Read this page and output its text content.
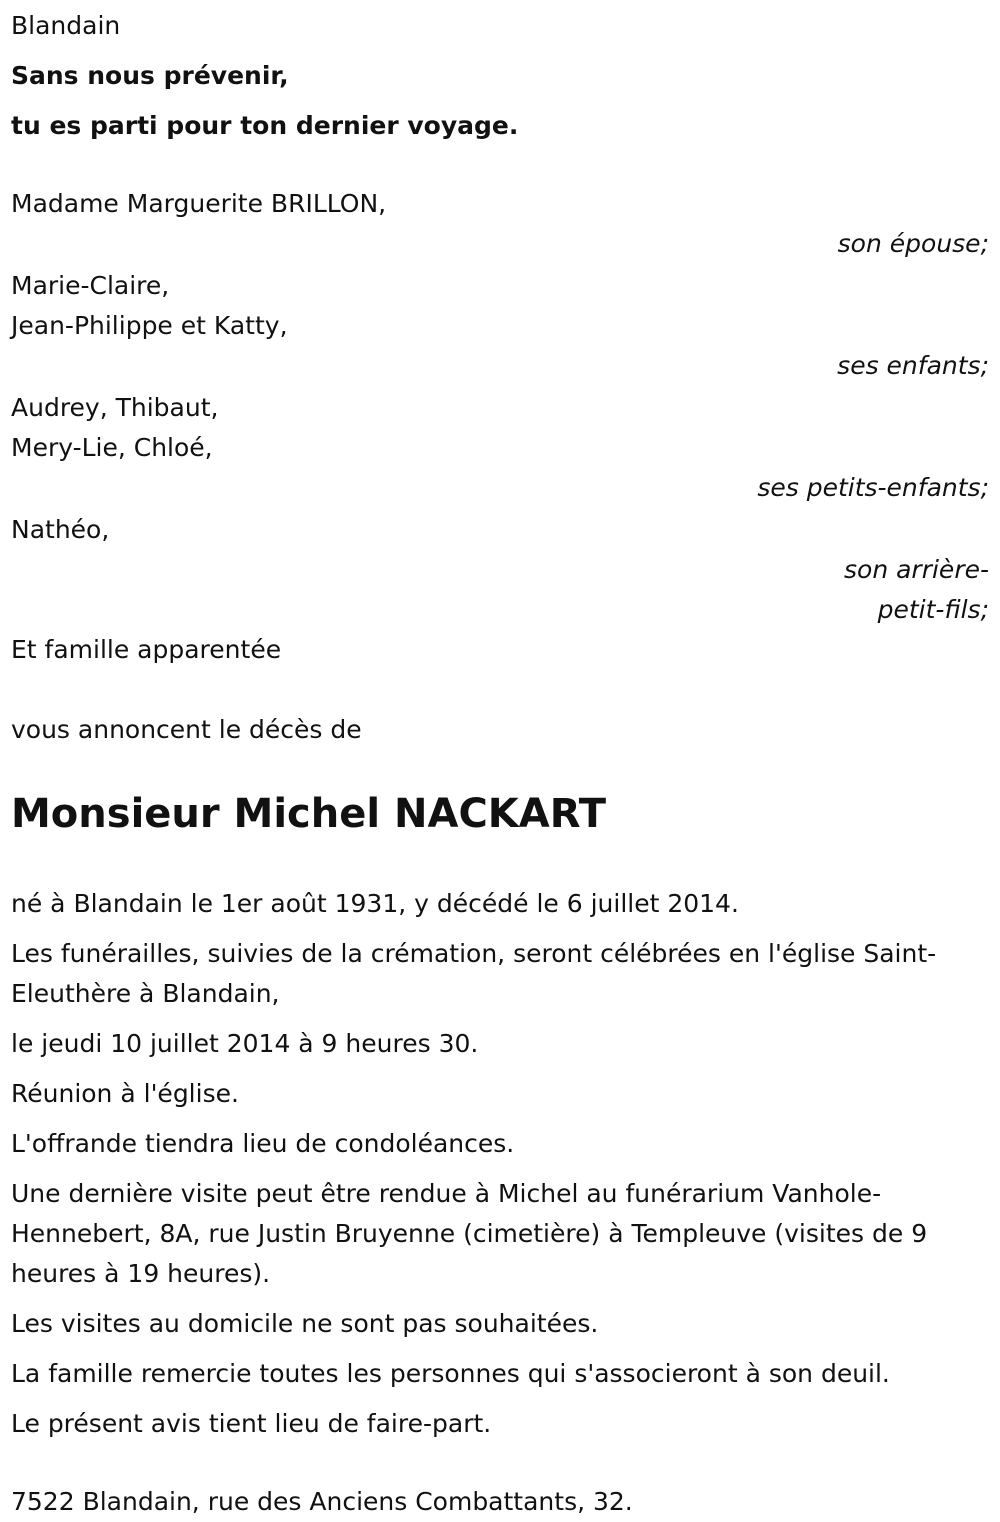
Blandain
Sans nous prévenir,
tu es parti pour ton dernier voyage.
Madame Marguerite BRILLON,
son épouse;
Marie-Claire,
Jean-Philippe et Katty,
ses enfants;
Audrey, Thibaut,
Mery-Lie, Chloé,
ses petits-enfants;
Nathéo,
son arrière-
petit-fils;
Et famille apparentée
vous annoncent le décès de
Monsieur Michel NACKART
né à Blandain le 1er août 1931, y décédé le 6 juillet 2014.
Les funérailles, suivies de la crémation, seront célébrées en l'église Saint-Eleuthère à Blandain,
le jeudi 10 juillet 2014 à 9 heures 30.
Réunion à l'église.
L'offrande tiendra lieu de condoléances.
Une dernière visite peut être rendue à Michel au funérarium Vanhole-Hennebert, 8A, rue Justin Bruyenne (cimetière) à Templeuve (visites de 9 heures à 19 heures).
Les visites au domicile ne sont pas souhaitées.
La famille remercie toutes les personnes qui s'associeront à son deuil.
Le présent avis tient lieu de faire-part.
7522 Blandain, rue des Anciens Combattants, 32.
